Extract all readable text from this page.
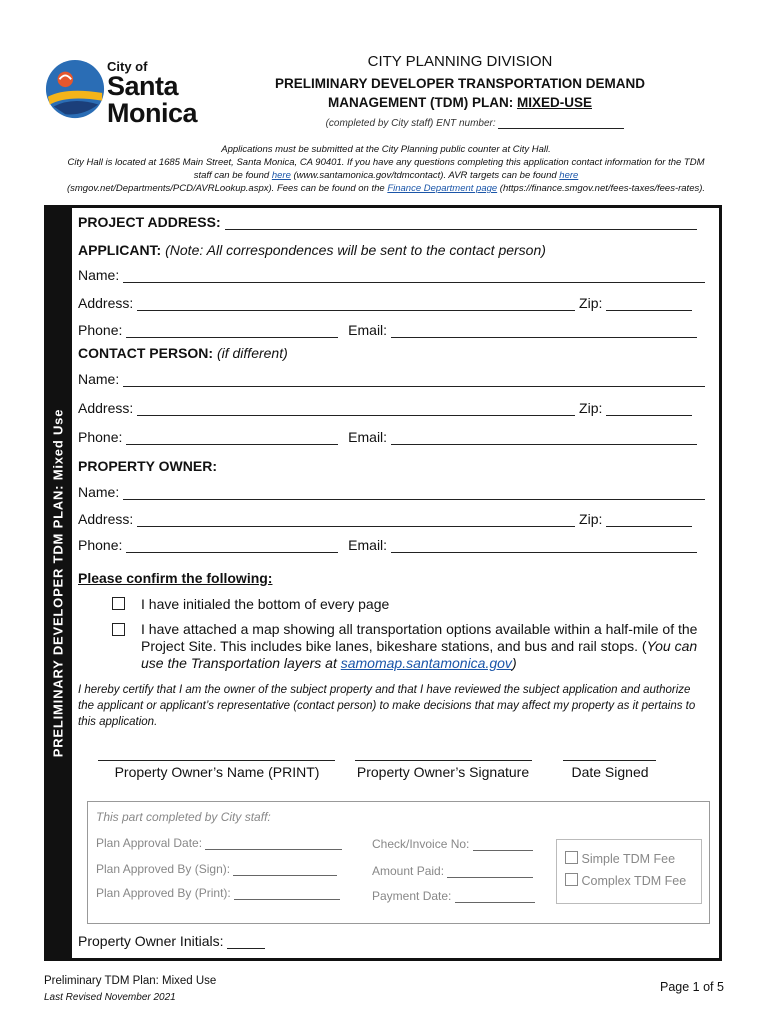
City of
Santa
Monica
CITY PLANNING DIVISION
PRELIMINARY DEVELOPER TRANSPORTATION DEMAND
MANAGEMENT (TDM) PLAN: MIXED-USE
(completed by City staff) ENT number:
Applications must be submitted at the City Planning public counter at City Hall.
City Hall is located at 1685 Main Street, Santa Monica, CA 90401. If you have any questions completing this application contact information for the TDM
staff can be found here (www.santamonica.gov/tdmcontact). AVR targets can be found here
(smgov.net/Departments/PCD/AVRLookup.aspx). Fees can be found on the Finance Department page (https://finance.smgov.net/fees-taxes/fees-rates).
PRELIMINARY DEVELOPER TDM PLAN: Mixed Use
PROJECT ADDRESS:
APPLICANT: (Note: All correspondences will be sent to the contact person)
Name:
Address:	Zip:
Phone:	Email:
CONTACT PERSON: (if different)
Name:
Address:	Zip:
Phone:	Email:
PROPERTY OWNER:
Name:
Address:	Zip:
Phone:	Email:
Please confirm the following:
I have initialed the bottom of every page
I have attached a map showing all transportation options available within a half-mile of the
Project Site. This includes bike lanes, bikeshare stations, and bus and rail stops. (You can
use the Transportation layers at samomap.santamonica.gov)
I hereby certify that I am the owner of the subject property and that I have reviewed the subject application and authorize the applicant or applicant’s representative (contact person) to make decisions that may affect my property as it pertains to this application.
Property Owner’s Name (PRINT)	Property Owner’s Signature	Date Signed
This part completed by City staff:
Plan Approval Date:
Plan Approved By (Sign):
Plan Approved By (Print):
Check/Invoice No:
Amount Paid:
Payment Date:
Simple TDM Fee
Complex TDM Fee
Property Owner Initials:
Preliminary TDM Plan: Mixed Use
Last Revised November 2021
Page 1 of 5
